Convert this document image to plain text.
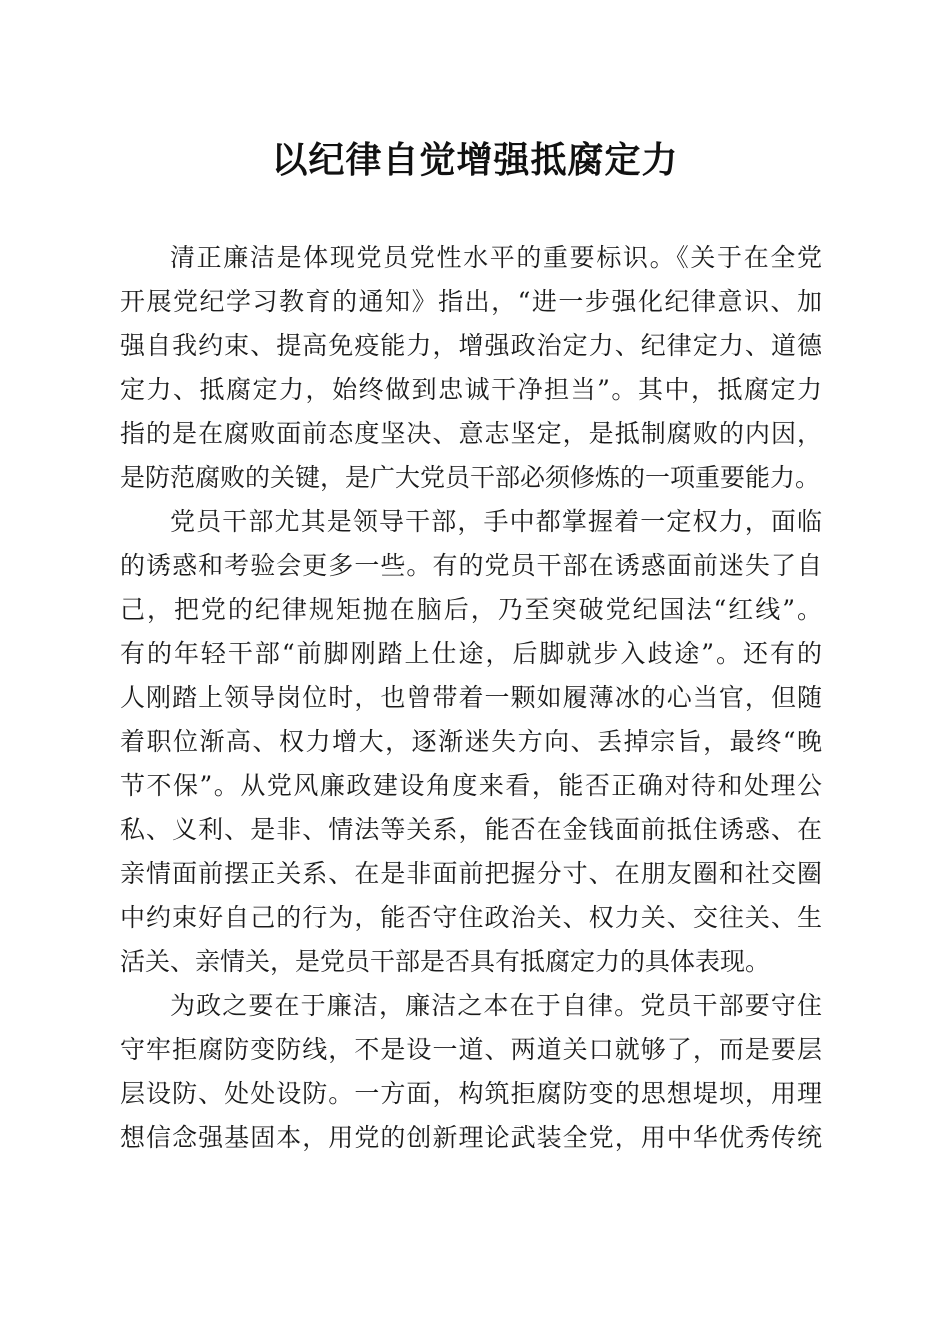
以纪律自觉增强抵腐定力
清正廉洁是体现党员党性水平的重要标识。《关于在全党
开展党纪学习教育的通知》指出，“进一步强化纪律意识、加
强自我约束、提高免疫能力，增强政治定力、纪律定力、道德
定力、抵腐定力，始终做到忠诚干净担当”。其中，抵腐定力
指的是在腐败面前态度坚决、意志坚定，是抵制腐败的内因，
是防范腐败的关键，是广大党员干部必须修炼的一项重要能力。
党员干部尤其是领导干部，手中都掌握着一定权力，面临
的诱惑和考验会更多一些。有的党员干部在诱惑面前迷失了自
己，把党的纪律规矩抛在脑后，乃至突破党纪国法“红线”。
有的年轻干部“前脚刚踏上仕途，后脚就步入歧途”。还有的
人刚踏上领导岗位时，也曾带着一颗如履薄冰的心当官，但随
着职位渐高、权力增大，逐渐迷失方向、丢掉宗旨，最终“晚
节不保”。从党风廉政建设角度来看，能否正确对待和处理公
私、义利、是非、情法等关系，能否在金钱面前抵住诱惑、在
亲情面前摆正关系、在是非面前把握分寸、在朋友圈和社交圈
中约束好自己的行为，能否守住政治关、权力关、交往关、生
活关、亲情关，是党员干部是否具有抵腐定力的具体表现。
为政之要在于廉洁，廉洁之本在于自律。党员干部要守住
守牢拒腐防变防线，不是设一道、两道关口就够了，而是要层
层设防、处处设防。一方面，构筑拒腐防变的思想堤坝，用理
想信念强基固本，用党的创新理论武装全党，用中华优秀传统
